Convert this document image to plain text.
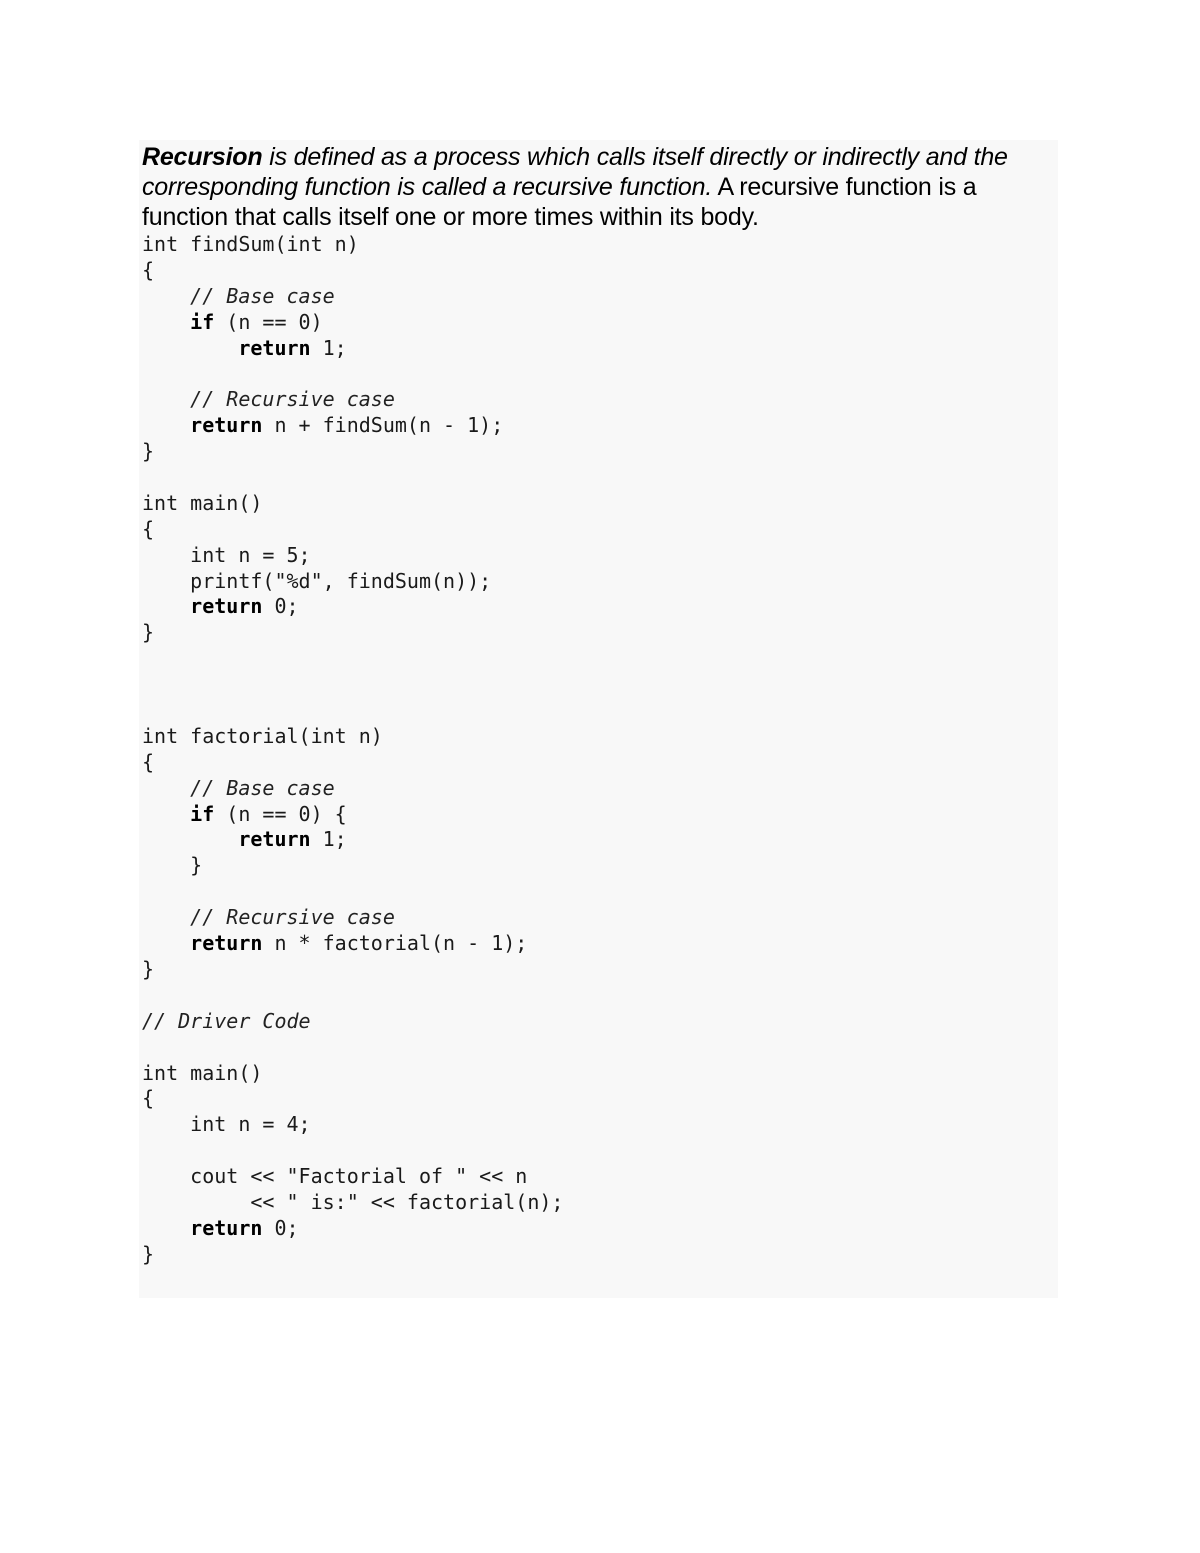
Recursion is defined as a process which calls itself directly or indirectly and the corresponding function is called a recursive function. A recursive function is a function that calls itself one or more times within its body.

int findSum(int n)
{
// Base case
if (n == 0)
return 1;
// Recursive case
return n + findSum(n - 1);
}
int main()
{
int n = 5;
printf("%d", findSum(n));
return 0;
}
int factorial(int n)
{
// Base case
if (n == 0) {
return 1;
}
// Recursive case
return n * factorial(n - 1);
}
// Driver Code
int main()
{
int n = 4;
cout << "Factorial of " << n
<< " is:" << factorial(n);
return 0;
}
